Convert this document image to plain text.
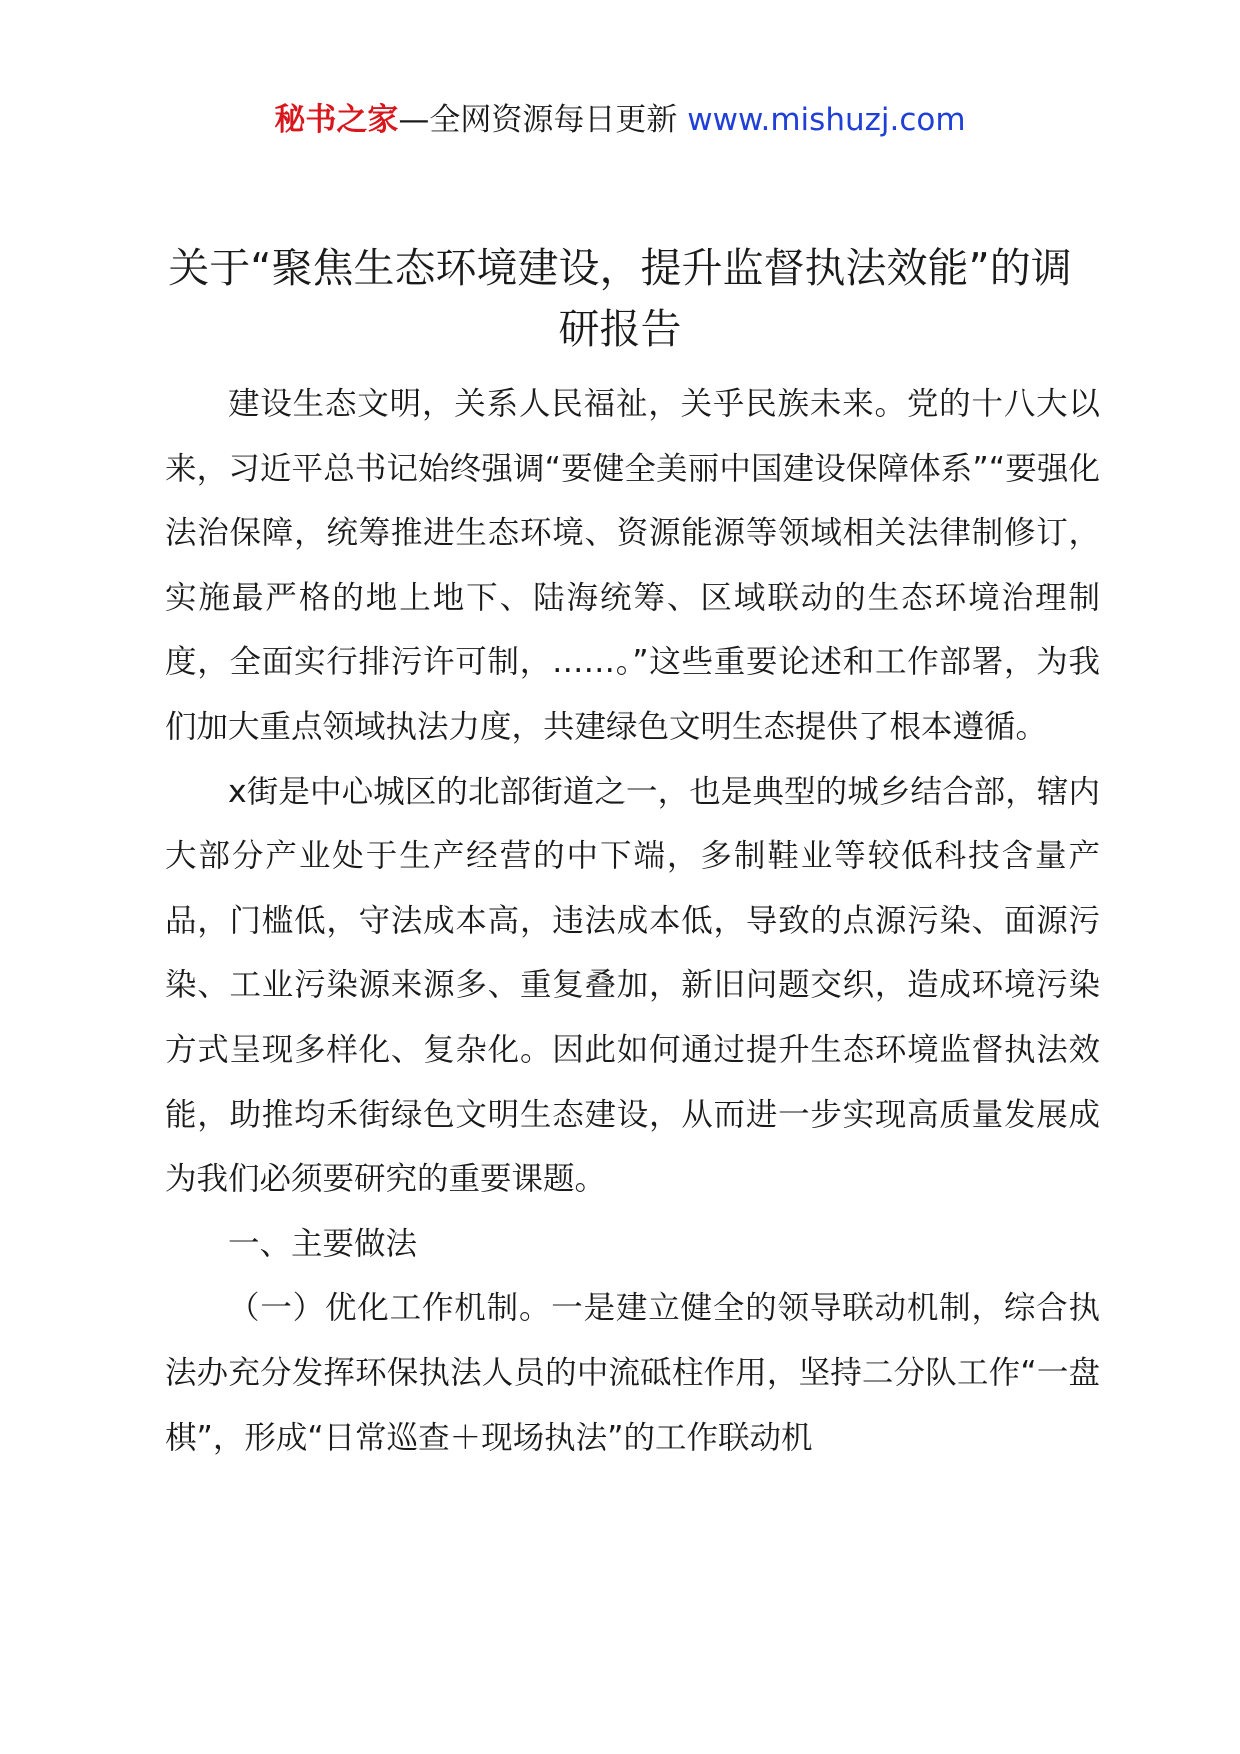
秘书之家—全网资源每日更新 www.mishuzj.com
关于“聚焦生态环境建设，提升监督执法效能”的调研报告

建设生态文明，关系人民福祉，关乎民族未来。党的十八大以来，习近平总书记始终强调“要健全美丽中国建设保障体系”“要强化法治保障，统筹推进生态环境、资源能源等领域相关法律制修订，实施最严格的地上地下、陆海统筹、区域联动的生态环境治理制度，全面实行排污许可制，……。”这些重要论述和工作部署，为我们加大重点领域执法力度，共建绿色文明生态提供了根本遵循。

x街是中心城区的北部街道之一，也是典型的城乡结合部，辖内大部分产业处于生产经营的中下端，多制鞋业等较低科技含量产品，门槛低，守法成本高，违法成本低，导致的点源污染、面源污染、工业污染源来源多、重复叠加，新旧问题交织，造成环境污染方式呈现多样化、复杂化。因此如何通过提升生态环境监督执法效能，助推均禾街绿色文明生态建设，从而进一步实现高质量发展成为我们必须要研究的重要课题。

一、主要做法

（一）优化工作机制。一是建立健全的领导联动机制，综合执法办充分发挥环保执法人员的中流砥柱作用，坚持二分队工作“一盘棋”，形成“日常巡查＋现场执法”的工作联动机
